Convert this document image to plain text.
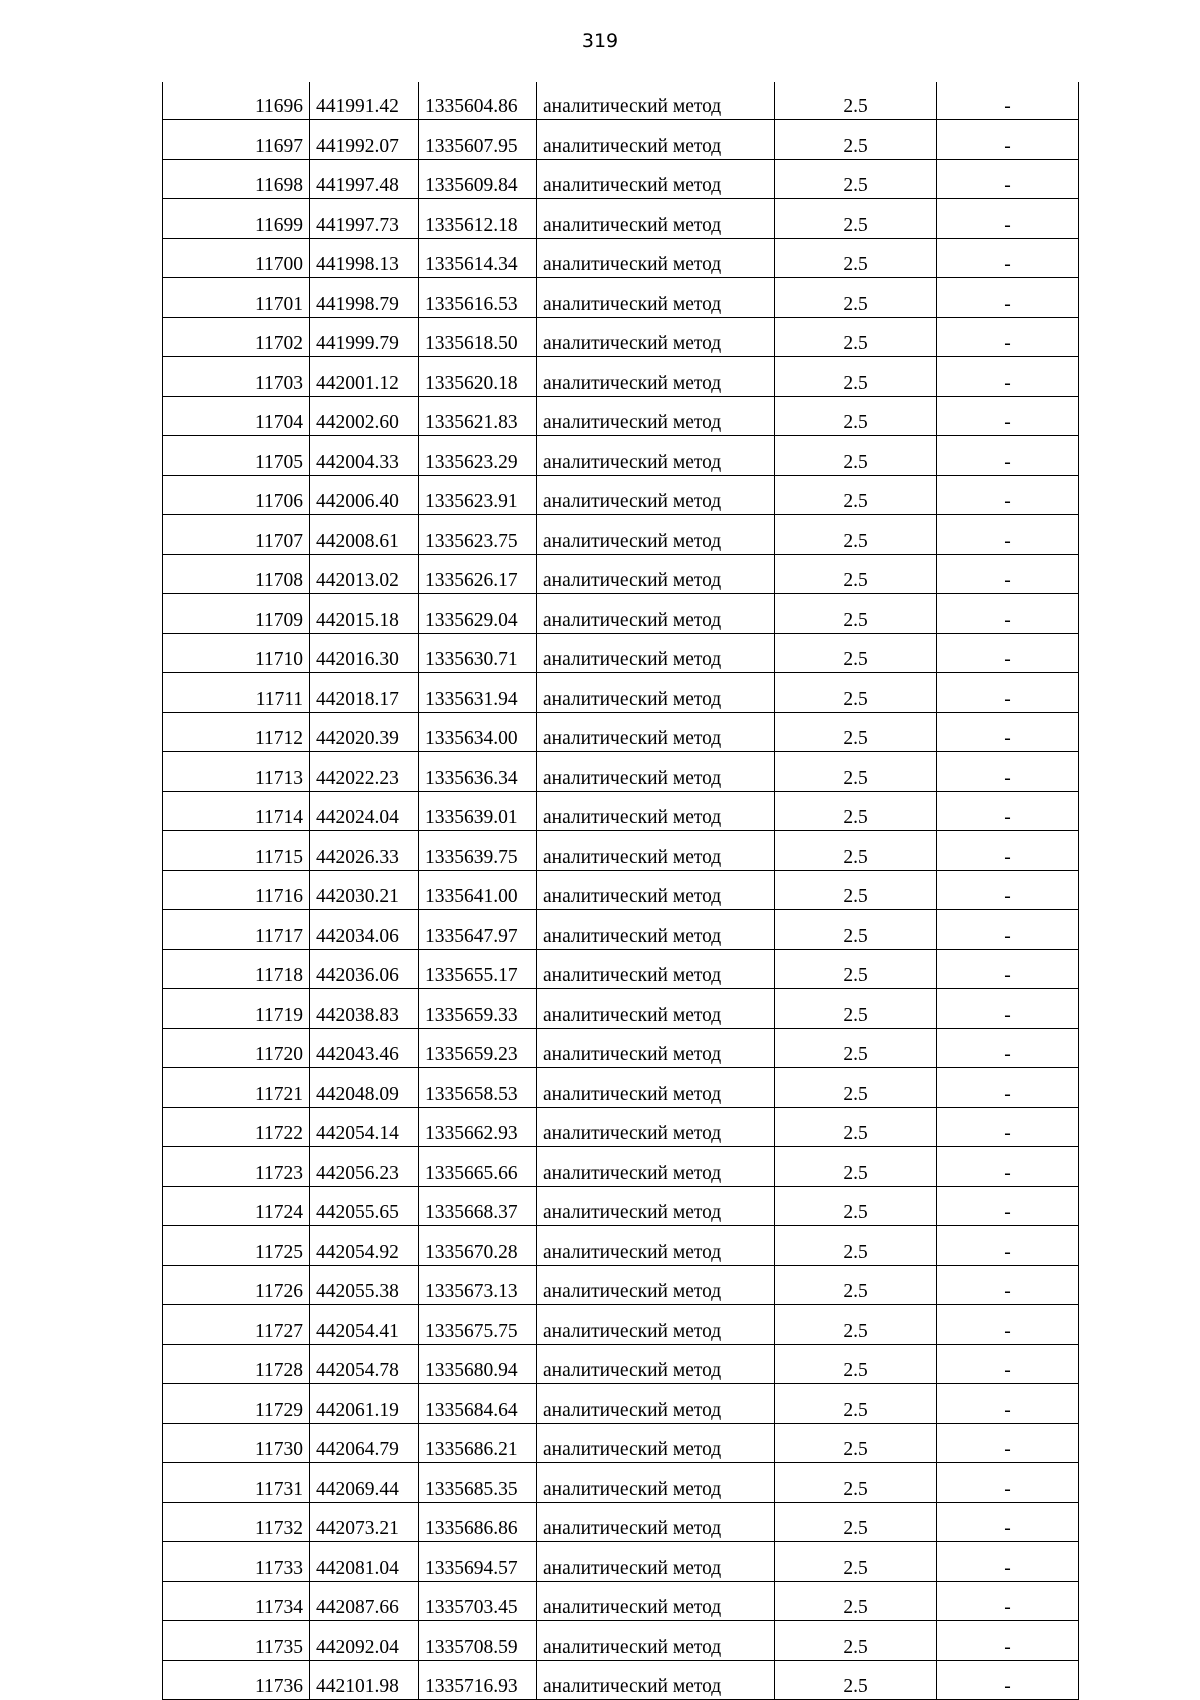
319
11696	441991.42	1335604.86	аналитический метод	2.5	-
11697	441992.07	1335607.95	аналитический метод	2.5	-
11698	441997.48	1335609.84	аналитический метод	2.5	-
11699	441997.73	1335612.18	аналитический метод	2.5	-
11700	441998.13	1335614.34	аналитический метод	2.5	-
11701	441998.79	1335616.53	аналитический метод	2.5	-
11702	441999.79	1335618.50	аналитический метод	2.5	-
11703	442001.12	1335620.18	аналитический метод	2.5	-
11704	442002.60	1335621.83	аналитический метод	2.5	-
11705	442004.33	1335623.29	аналитический метод	2.5	-
11706	442006.40	1335623.91	аналитический метод	2.5	-
11707	442008.61	1335623.75	аналитический метод	2.5	-
11708	442013.02	1335626.17	аналитический метод	2.5	-
11709	442015.18	1335629.04	аналитический метод	2.5	-
11710	442016.30	1335630.71	аналитический метод	2.5	-
11711	442018.17	1335631.94	аналитический метод	2.5	-
11712	442020.39	1335634.00	аналитический метод	2.5	-
11713	442022.23	1335636.34	аналитический метод	2.5	-
11714	442024.04	1335639.01	аналитический метод	2.5	-
11715	442026.33	1335639.75	аналитический метод	2.5	-
11716	442030.21	1335641.00	аналитический метод	2.5	-
11717	442034.06	1335647.97	аналитический метод	2.5	-
11718	442036.06	1335655.17	аналитический метод	2.5	-
11719	442038.83	1335659.33	аналитический метод	2.5	-
11720	442043.46	1335659.23	аналитический метод	2.5	-
11721	442048.09	1335658.53	аналитический метод	2.5	-
11722	442054.14	1335662.93	аналитический метод	2.5	-
11723	442056.23	1335665.66	аналитический метод	2.5	-
11724	442055.65	1335668.37	аналитический метод	2.5	-
11725	442054.92	1335670.28	аналитический метод	2.5	-
11726	442055.38	1335673.13	аналитический метод	2.5	-
11727	442054.41	1335675.75	аналитический метод	2.5	-
11728	442054.78	1335680.94	аналитический метод	2.5	-
11729	442061.19	1335684.64	аналитический метод	2.5	-
11730	442064.79	1335686.21	аналитический метод	2.5	-
11731	442069.44	1335685.35	аналитический метод	2.5	-
11732	442073.21	1335686.86	аналитический метод	2.5	-
11733	442081.04	1335694.57	аналитический метод	2.5	-
11734	442087.66	1335703.45	аналитический метод	2.5	-
11735	442092.04	1335708.59	аналитический метод	2.5	-
11736	442101.98	1335716.93	аналитический метод	2.5	-
